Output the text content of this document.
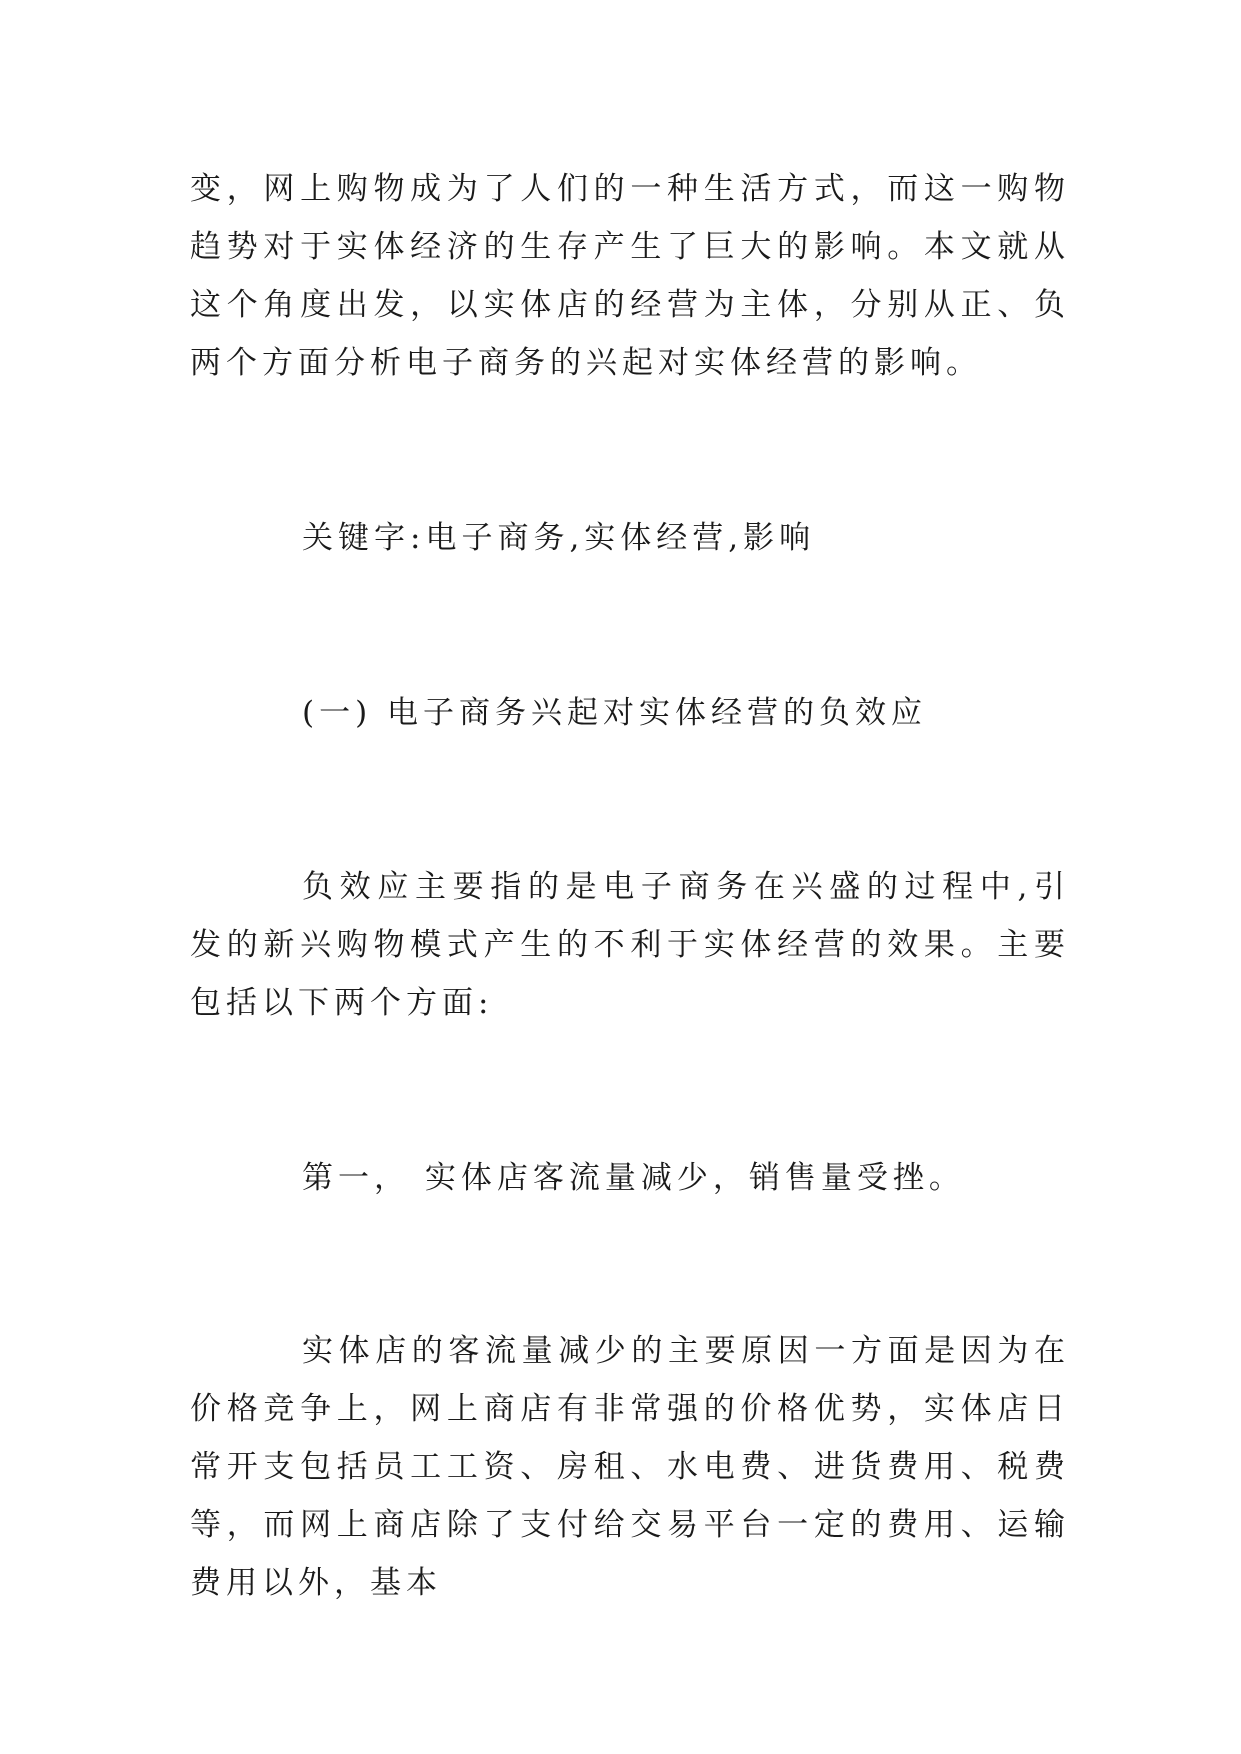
变，网上购物成为了人们的一种生活方式，而这一购物趋势对于实体经济的生存产生了巨大的影响。本文就从这个角度出发，以实体店的经营为主体，分别从正、负两个方面分析电子商务的兴起对实体经营的影响。

关键字:电子商务,实体经营,影响

(一) 电子商务兴起对实体经营的负效应

负效应主要指的是电子商务在兴盛的过程中,引发的新兴购物模式产生的不利于实体经营的效果。主要包括以下两个方面:

第一， 实体店客流量减少，销售量受挫。

实体店的客流量减少的主要原因一方面是因为在价格竞争上，网上商店有非常强的价格优势，实体店日常开支包括员工工资、房租、水电费、进货费用、税费等，而网上商店除了支付给交易平台一定的费用、运输费用以外，基本
